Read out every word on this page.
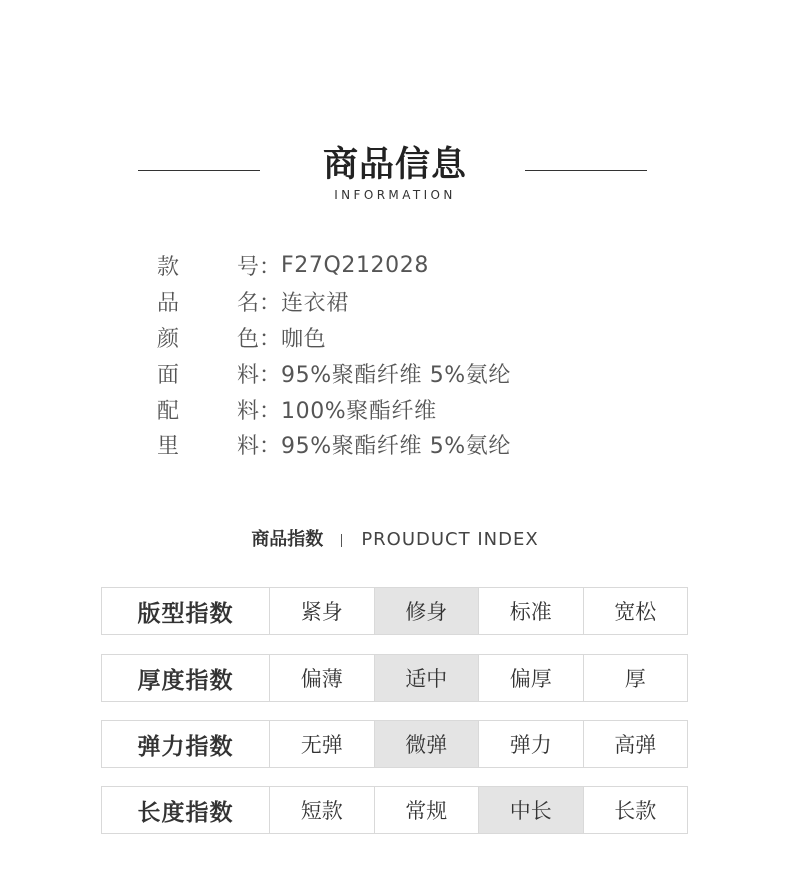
商品信息
INFORMATION
款	号： F27Q212028
品	名： 连衣裙
颜	色： 咖色
面	料： 95%聚酯纤维 5%氨纶
配	料： 100%聚酯纤维
里	料： 95%聚酯纤维 5%氨纶
商品指数 PROUDUCT INDEX
版型指数	紧身	修身	标准	宽松
厚度指数	偏薄	适中	偏厚	厚
弹力指数	无弹	微弹	弹力	高弹
长度指数	短款	常规	中长	长款
